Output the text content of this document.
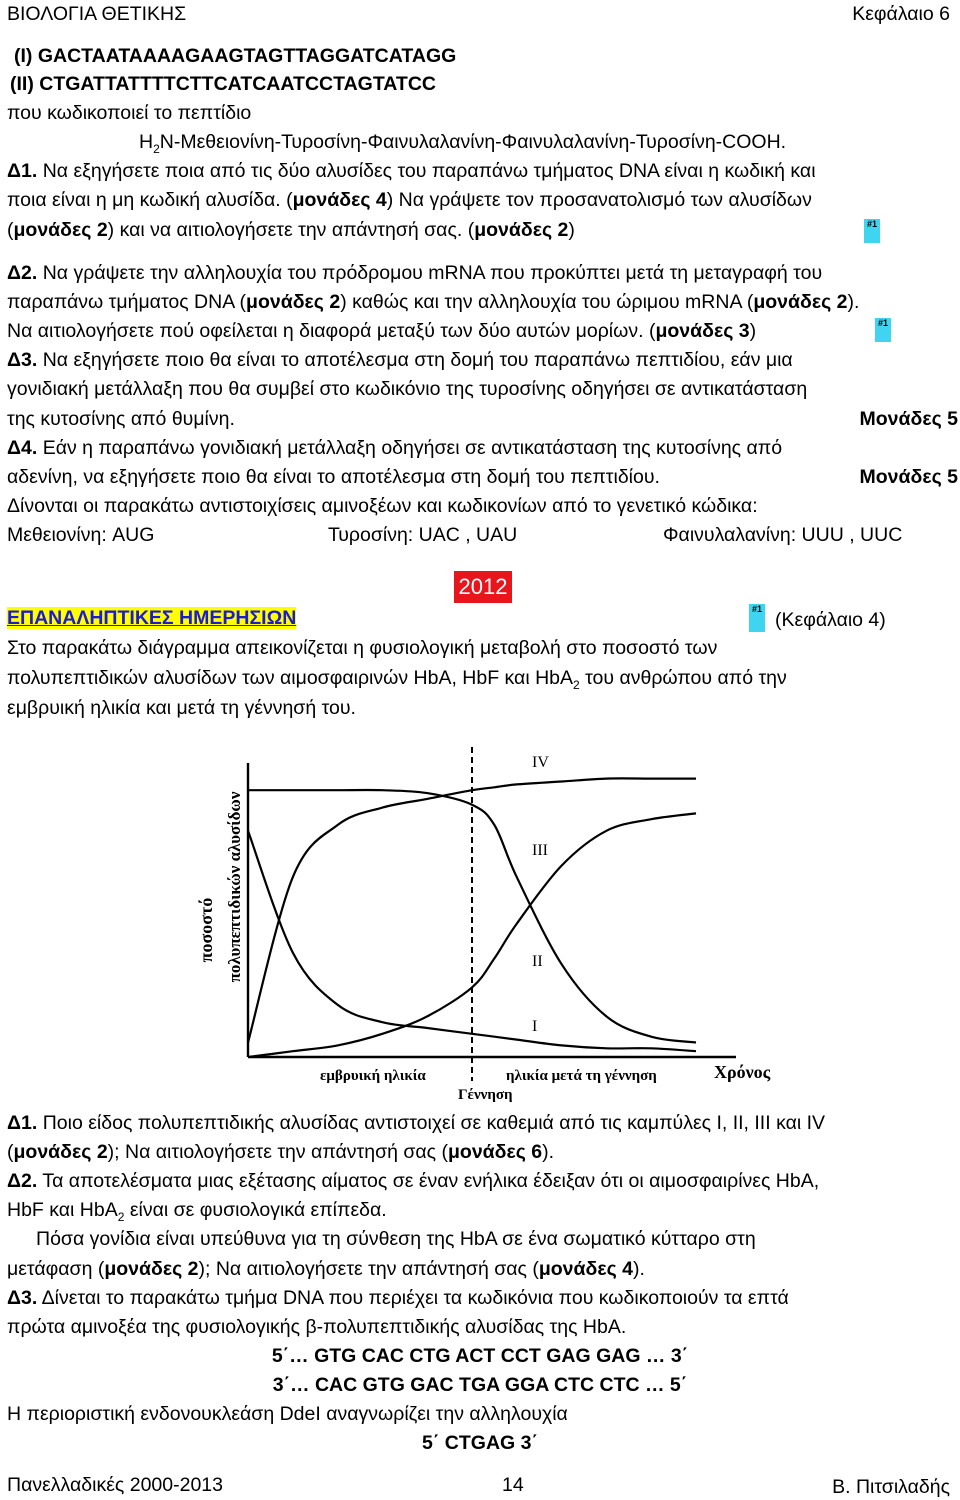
ΒΙΟΛΟΓΙΑ ΘΕΤΙΚΗΣ	Κεφάλαιο 6
(I) GACTAATAAAAGAAGTAGTTAGGATCATAGG
(II) CTGATTATTTTCTTCATCAATCCTAGTATCC
που κωδικοποιεί το πεπτίδιο
$H_2N-M\varepsilon\theta\varepsilon\iota o\nu ί\nu\eta-T\upsilon\rho o\sigma ί\nu\eta-\Phi\alpha\iota\nu\upsilon\lambda\alpha\lambda\alpha\nu ί\nu\eta-\Phi\alpha\iota\nu\upsilon\lambda\alpha\lambda\alpha\nu ί\nu\eta-T\upsilon\rho o\sigma ί\nu\eta$-COOH.
Δ1. Να εξηγήσετε ποια από τις δύο αλυσίδες του παραπάνω τμήματος DNA είναι η κωδική και
ποια είναι η μη κωδική αλυσίδα. (μονάδες 4) Να γράψετε τον προσανατολισμό των αλυσίδων
(μονάδες 2) και να αιτιολογήσετε την απάντησή σας. (μονάδες 2)	#1
Δ2. Να γράψετε την αλληλουχία του πρόδρομου mRNA που προκύπτει μετά τη μεταγραφή του
παραπάνω τμήματος DNA (μονάδες 2) καθώς και την αλληλουχία του ώριμου mRNA (μονάδες 2).
Να αιτιολογήσετε πού οφείλεται η διαφορά μεταξύ των δύο αυτών μορίων. (μονάδες 3)	#1
Δ3. Να εξηγήσετε ποιο θα είναι το αποτέλεσμα στη δομή του παραπάνω πεπτιδίου, εάν μια
γονιδιακή μετάλλαξη που θα συμβεί στο κωδικόνιο της τυροσίνης οδηγήσει σε αντικατάσταση
της κυτοσίνης από θυμίνη.	Μονάδες 5
Δ4. Εάν η παραπάνω γονιδιακή μετάλλαξη οδηγήσει σε αντικατάσταση της κυτοσίνης από
αδενίνη, να εξηγήσετε ποιο θα είναι το αποτέλεσμα στη δομή του πεπτιδίου.	Μονάδες 5
Δίνονται οι παρακάτω αντιστοιχίσεις αμινοξέων και κωδικονίων από το γενετικό κώδικα:
Μεθειονίνη: AUG	Τυροσίνη: UAC , UAU	Φαινυλαλανίνη: UUU , UUC
2012
ΕΠΑΝΑΛΗΠΤΙΚΕΣ ΗΜΕΡΗΣΙΩΝ	#1 (Κεφάλαιο 4)
Στο παρακάτω διάγραμμα απεικονίζεται η φυσιολογική μεταβολή στο ποσοστό των
πολυπεπτιδικών αλυσίδων των αιμοσφαιρινών HbA, HbF και HbA$_2$ του ανθρώπου από την
εμβρυική ηλικία και μετά τη γέννησή του.
IV
III
II
I
ποσοστό πολυπεπτιδικών αλυσίδων
εμβρυική ηλικία	ηλικία μετά τη γέννηση
Γέννηση
Χρόνος
Δ1. Ποιο είδος πολυπεπτιδικής αλυσίδας αντιστοιχεί σε καθεμιά από τις καμπύλες I, II, III και IV
(μονάδες 2); Να αιτιολογήσετε την απάντησή σας (μονάδες 6).
Δ2. Τα αποτελέσματα μιας εξέτασης αίματος σε έναν ενήλικα έδειξαν ότι οι αιμοσφαιρίνες HbA,
HbF και HbA$_2$ είναι σε φυσιολογικά επίπεδα.
Πόσα γονίδια είναι υπεύθυνα για τη σύνθεση της HbA σε ένα σωματικό κύτταρο στη
μετάφαση (μονάδες 2); Να αιτιολογήσετε την απάντησή σας (μονάδες 4).
Δ3. Δίνεται το παρακάτω τμήμα DNA που περιέχει τα κωδικόνια που κωδικοποιούν τα επτά
πρώτα αμινοξέα της φυσιολογικής β-πολυπεπτιδικής αλυσίδας της HbA.
5΄… GTG CAC CTG ACT CCT GAG GAG … 3΄
3΄… CAC GTG GAC TGA GGA CTC CTC … 5΄
Η περιοριστική ενδονουκλεάση DdeI αναγνωρίζει την αλληλουχία
5΄ CTGAG 3΄
Πανελλαδικές 2000-2013	14	Β. Πιτσιλαδής
